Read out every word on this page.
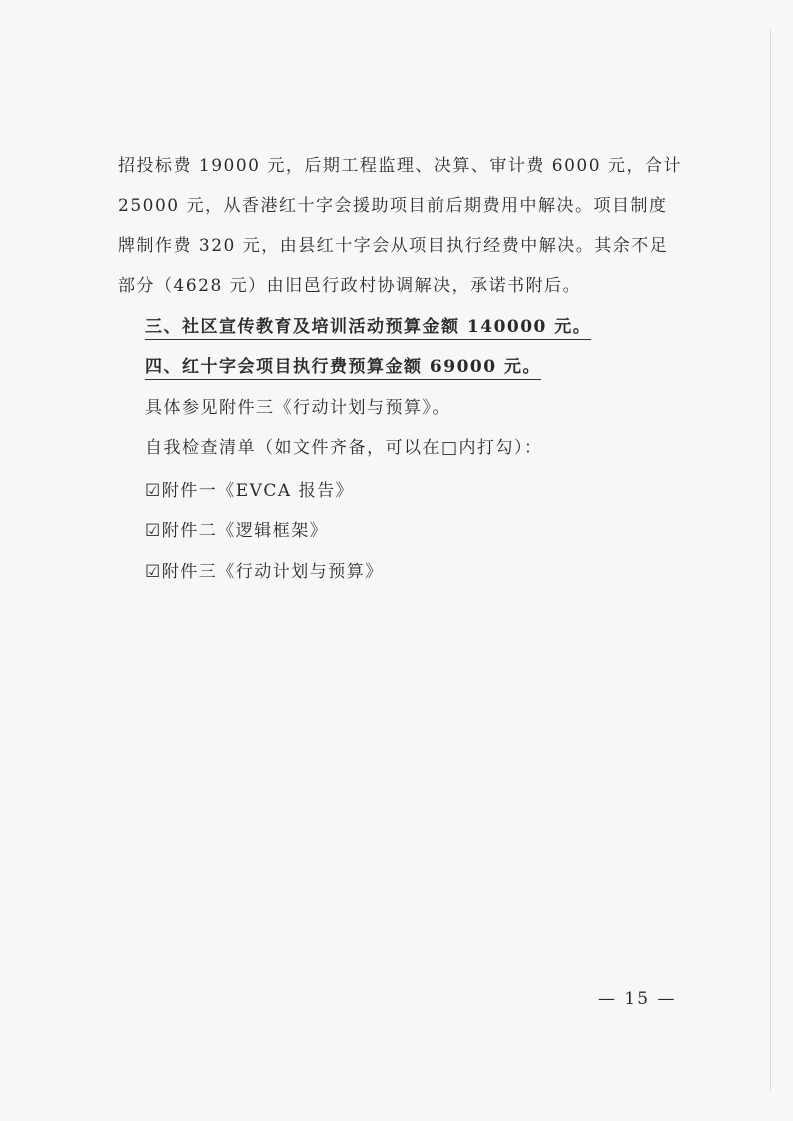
招投标费 19000 元，后期工程监理、决算、审计费 6000 元，合计 25000 元，从香港红十字会援助项目前后期费用中解决。项目制度牌制作费 320 元，由县红十字会从项目执行经费中解决。其余不足部分（4628 元）由旧邑行政村协调解决，承诺书附后。

三、社区宣传教育及培训活动预算金额 140000 元。
四、红十字会项目执行费预算金额 69000 元。
具体参见附件三《行动计划与预算》。
自我检查清单（如文件齐备，可以在□内打勾）：
☑附件一《EVCA 报告》
☑附件二《逻辑框架》
☑附件三《行动计划与预算》
— 15 —
